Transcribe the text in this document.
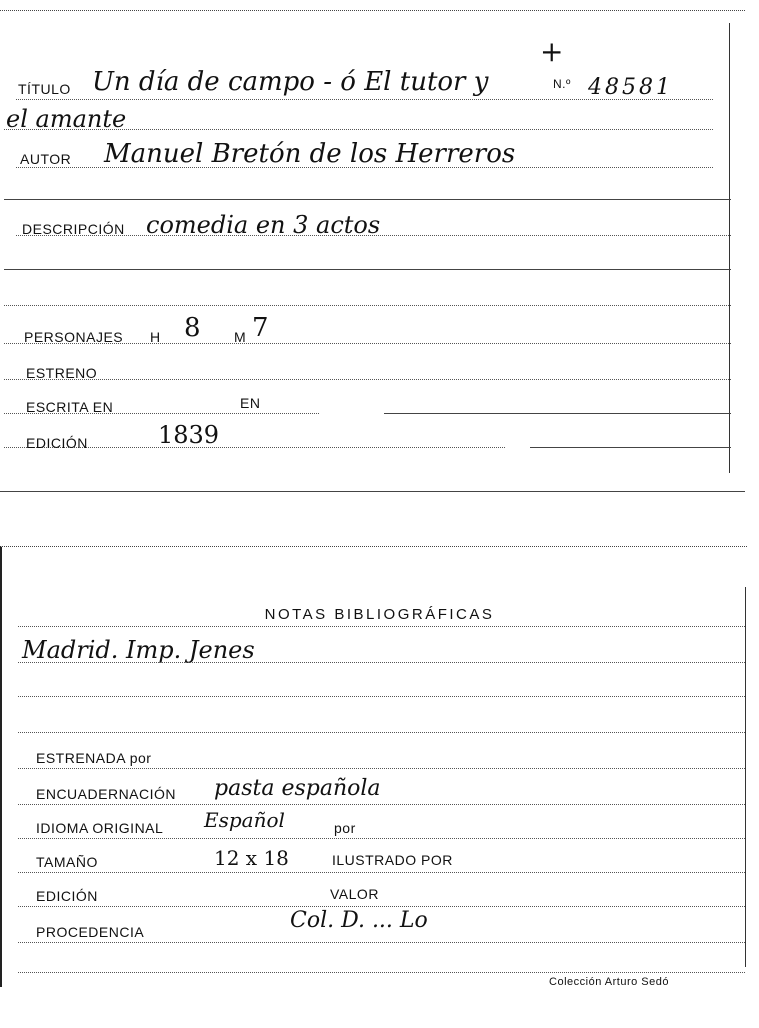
TÍTULO Un día de campo - ó El tutor y
+
N.º 48581
el amante
AUTOR Manuel Bretón de los Herreros
DESCRIPCIÓN comedia en 3 actos
PERSONAJES H 8 M 7
ESTRENO
ESCRITA EN	EN
EDICIÓN	1839
NOTAS BIBLIOGRÁFICAS
Madrid. Imp. Jenes
ESTRENADA por
ENCUADERNACIÓN pasta española
IDIOMA ORIGINAL Español	por
TAMAÑO	12 x 18	ILUSTRADO POR
EDICIÓN	VALOR
PROCEDENCIA	Col. D. ... Lo
Colección Arturo Sedó
